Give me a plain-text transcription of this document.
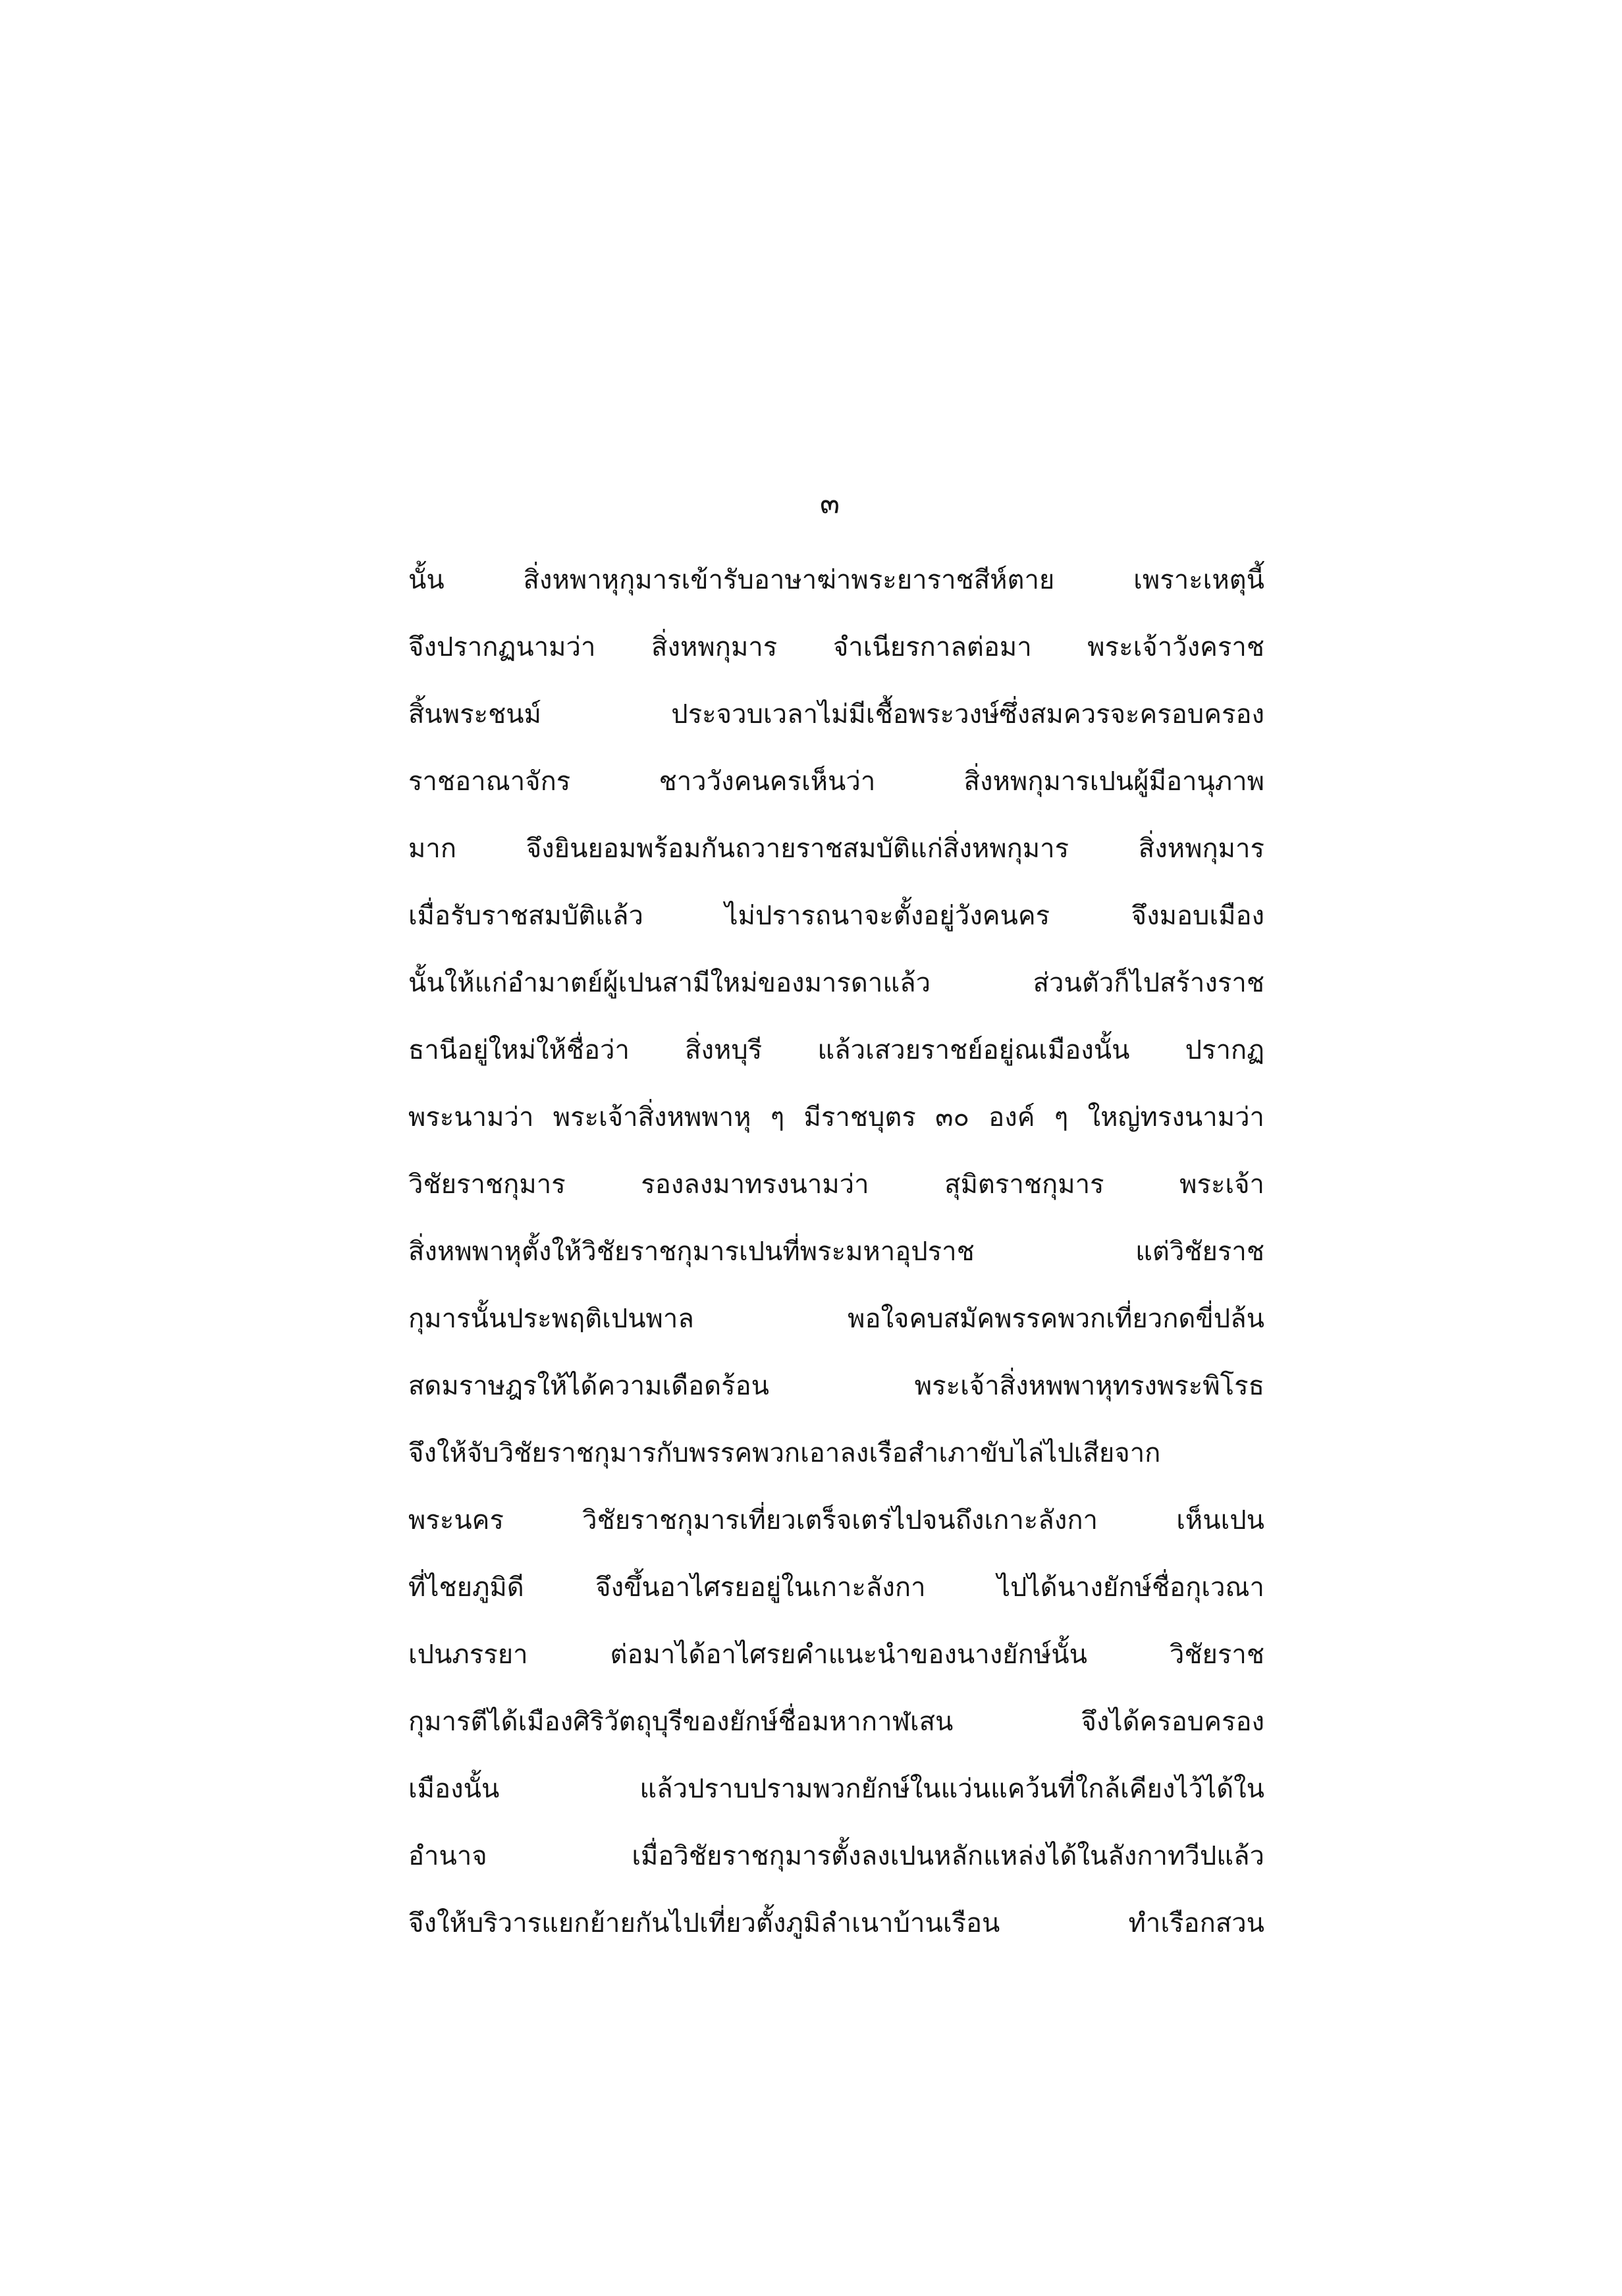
๓
นั้น สิ่งหพาหุกุมารเข้ารับอาษาฆ่าพระยาราชสีห์ตาย เพราะเหตุนี้
จึงปรากฏนามว่า สิ่งหพกุมาร จำเนียรกาลต่อมา พระเจ้าวังคราช
สิ้นพระชนม์ ประจวบเวลาไม่มีเชื้อพระวงษ์ซึ่งสมควรจะครอบครอง
ราชอาณาจักร ชาววังคนครเห็นว่า สิ่งหพกุมารเปนผู้มีอานุภาพ
มาก จึงยินยอมพร้อมกันถวายราชสมบัติแก่สิ่งหพกุมาร สิ่งหพกุมาร
เมื่อรับราชสมบัติแล้ว ไม่ปรารถนาจะตั้งอยู่วังคนคร จึงมอบเมือง
นั้นให้แก่อำมาตย์ผู้เปนสามีใหม่ของมารดาแล้ว ส่วนตัวก็ไปสร้างราช
ธานีอยู่ใหม่ให้ชื่อว่า สิ่งหบุรี แล้วเสวยราชย์อยู่ณเมืองนั้น ปรากฏ
พระนามว่า พระเจ้าสิ่งหพพาหุ ๆ มีราชบุตร ๓๐ องค์ ๆ ใหญ่ทรงนามว่า
วิชัยราชกุมาร รองลงมาทรงนามว่า สุมิตราชกุมาร พระเจ้า
สิ่งหพพาหุตั้งให้วิชัยราชกุมารเปนที่พระมหาอุปราช แต่วิชัยราช
กุมารนั้นประพฤติเปนพาล พอใจคบสมัคพรรคพวกเที่ยวกดขี่ปล้น
สดมราษฎรให้ได้ความเดือดร้อน พระเจ้าสิ่งหพพาหุทรงพระพิโรธ
จึงให้จับวิชัยราชกุมารกับพรรคพวกเอาลงเรือสำเภาขับไล่ไปเสียจาก
พระนคร วิชัยราชกุมารเที่ยวเตร็จเตร่ไปจนถึงเกาะลังกา เห็นเปน
ที่ไชยภูมิดี จึงขึ้นอาไศรยอยู่ในเกาะลังกา ไปได้นางยักษ์ชื่อกุเวณา
เปนภรรยา ต่อมาได้อาไศรยคำแนะนำของนางยักษ์นั้น วิชัยราช
กุมารตีได้เมืองศิริวัตถุบุรีของยักษ์ชื่อมหากาฬเสน จึงได้ครอบครอง
เมืองนั้น แล้วปราบปรามพวกยักษ์ในแว่นแคว้นที่ใกล้เคียงไว้ได้ใน
อำนาจ เมื่อวิชัยราชกุมารตั้งลงเปนหลักแหล่งได้ในลังกาทวีปแล้ว
จึงให้บริวารแยกย้ายกันไปเที่ยวตั้งภูมิลำเนาบ้านเรือน ทำเรือกสวน
